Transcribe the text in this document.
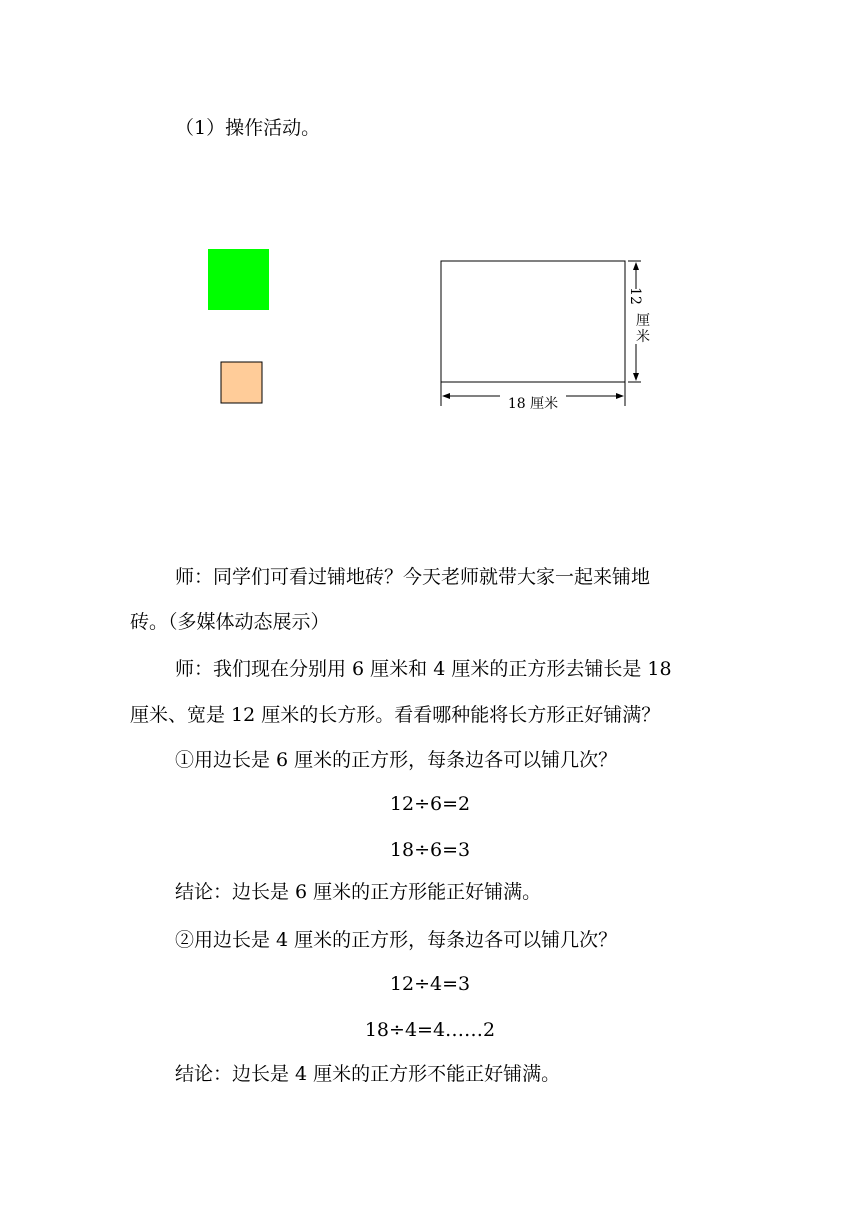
（1）操作活动。

12
厘
米
18 厘米

师：同学们可看过铺地砖？今天老师就带大家一起来铺地

砖。（多媒体动态展示）

师：我们现在分别用 6 厘米和 4 厘米的正方形去铺长是 18

厘米、宽是 12 厘米的长方形。看看哪种能将长方形正好铺满？

①用边长是 6 厘米的正方形，每条边各可以铺几次？

12÷6=2

18÷6=3

结论：边长是 6 厘米的正方形能正好铺满。

②用边长是 4 厘米的正方形，每条边各可以铺几次？

12÷4=3

18÷4=4……2

结论：边长是 4 厘米的正方形不能正好铺满。
